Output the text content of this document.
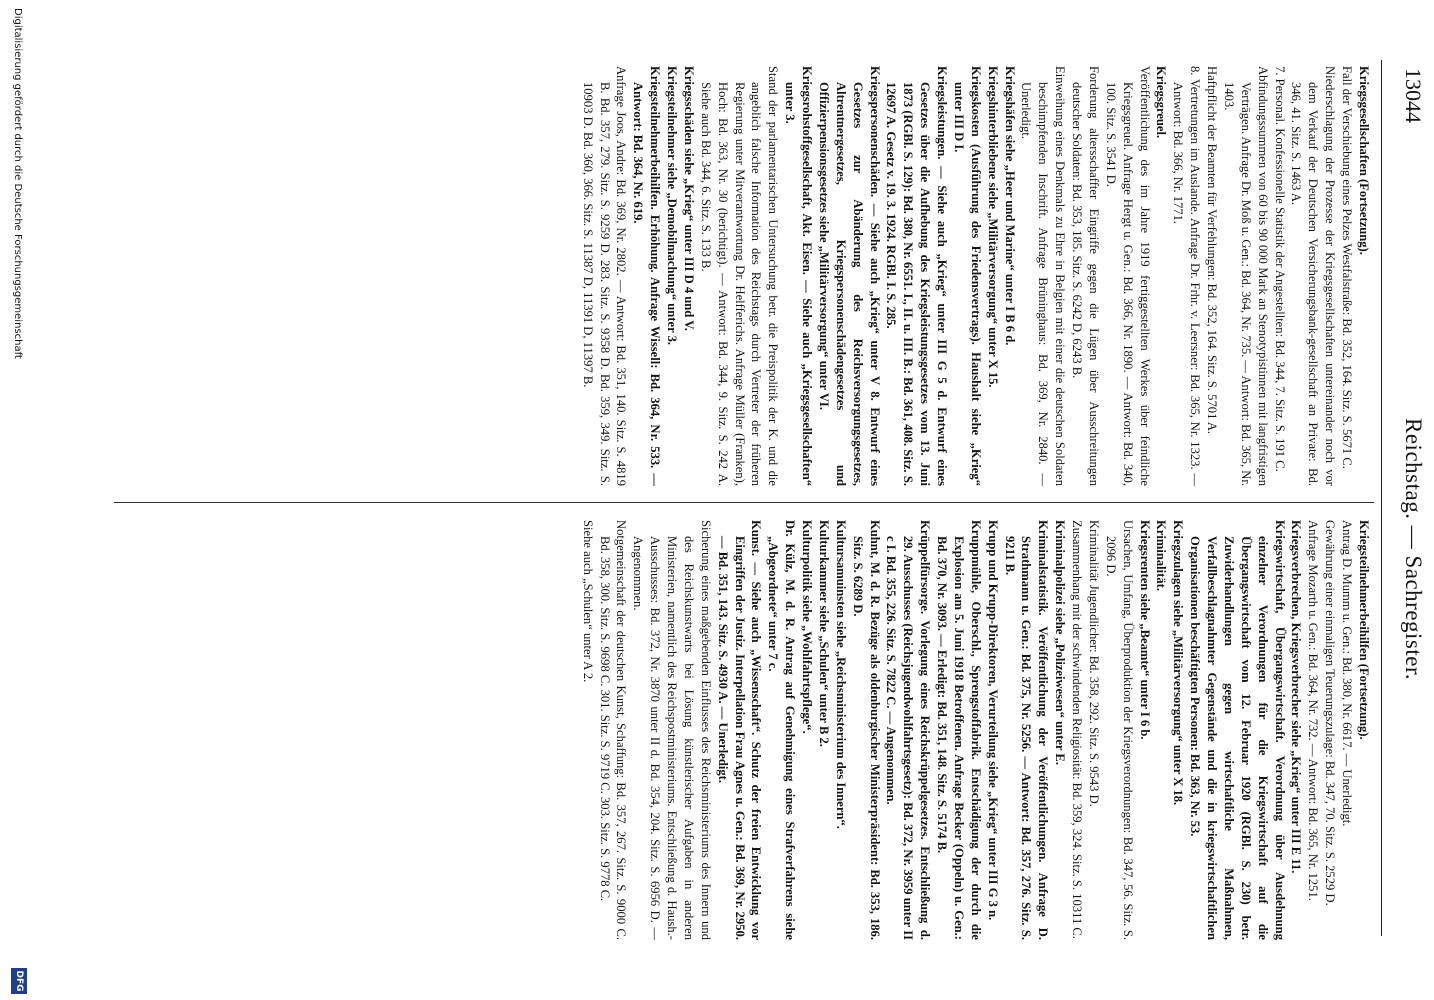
13044
Reichstag. — Sachregister.

Kriegsgesellschaften (Fortsetzung).

Fall der Verschiebung eines Pelzes Westfalstraße: Bd. 352, 164. Sitz. S. 5671 C.

Niederschlagung der Prozesse der Kriegsgesellschaften untereinander noch vor dem Verkauf der Deutschen Versicherungsbank-gesellschaft an Private: Bd. 346, 41. Sitz. S. 1463 A.

7. Personal. Konfessionelle Statistik der Angestellten: Bd. 344, 7. Sitz. S. 191 C.

Abfindungssummen von 60 bis 90 000 Mark an Stenotypistinnen mit langfristigen Verträgen. Anfrage Dr. Moß u. Gen.: Bd. 364, Nr. 735. — Antwort: Bd. 365, Nr. 1403.

Haftpflicht der Beamten für Verfehlungen: Bd. 352, 164. Sitz. S. 5701 A.

8. Vertretungen im Auslande. Anfrage Dr. Frhr. v. Leersner: Bd. 365, Nr. 1323. — Antwort: Bd. 366, Nr. 1771.

Kriegsgreuel.

Veröffentlichung des im Jahre 1919 fertiggestellten Werkes über feindliche Kriegsgreuel. Anfrage Hergt u. Gen.: Bd. 366, Nr. 1890. — Antwort: Bd. 340, 100. Sitz. S. 3541 D.

Forderung altersschaffter Eingriffe gegen die Lügen über Ausschreitungen deutscher Soldaten: Bd. 353, 185. Sitz. S. 6242 D, 6243 B.

Einweihung eines Denkmals zu Ehre in Belgien mit einer die deutschen Soldaten beschimpfenden Inschrift. Anfrage Brüninghaus: Bd. 369, Nr. 2840. — Unerledigt.

Kriegshäfen siehe „Heer und Marine“ unter I B 6 d.

Kriegshinterbliebene siehe „Militärversorgung“ unter X 15.

Kriegskosten (Ausführung des Friedensvertrags). Haushalt siehe „Krieg“ unter III D I.

Kriegsleistungen. — Siehe auch „Krieg“ unter III G 5 d. Entwurf eines Gesetzes über die Aufhebung des Kriegsleistungsgesetzes vom 13. Juni 1873 (RGBl. S. 129): Bd. 380, Nr. 6551. I., II. u. III. B.: Bd. 361, 408. Sitz. S. 12697 A. Gesetz v. 19. 3. 1924. RGBl. I. S. 285.

Kriegspersonenschäden. — Siehe auch „Krieg“ unter V 8. Entwurf eines Gesetzes zur Abänderung des Reichsversorgungsgesetzes, Altrentnergesetzes, Kriegspersonenschädengesetzes und Offizierpensionsgesetzes siehe „Militärversorgung“ unter VI.

Kriegsrohstoffgesellschaft, Akt. Eisen. — Siehe auch „Kriegsgesellschaften“ unter 3.

Stand der parlamentarischen Untersuchung betr. die Preispolitik der K. und die angeblich falsche Information des Reichstags durch Vertreter der früheren Regierung unter Mitverantwortung Dr. Helfferichs. Anfrage Müller (Franken), Hoch: Bd. 363, Nr. 30 (berichtigt). — Antwort: Bd. 344, 9. Sitz. S. 242 A. Siehe auch Bd. 344, 6. Sitz. S. 133 B.

Kriegsschäden siehe „Krieg“ unter III D 4 und V.

Kriegsteilnehmer siehe „Demobilmachung“ unter 3.

Kriegsteilnehmerbeihilfen. Erhöhung. Anfrage Wissell: Bd. 364, Nr. 533. — Antwort: Bd. 364, Nr. 619.

Anfrage Joos, Andre: Bd. 369, Nr. 2802. — Antwort: Bd. 351, 140. Sitz. S. 4819 B. Bd. 357, 279. Sitz. S. 9259 D. 283. Sitz. S. 9358 D. Bd. 359, 349. Sitz. S. 10903 D. Bd. 360, 366. Sitz. S. 11387 D, 11391 D, 11397 B.

Kriegsteilnehmerbeihilfen (Fortsetzung).

Antrag D. Mumm u. Gen.: Bd. 380, Nr. 6617. — Unerledigt.

Gewährung einer einmaligen Teuerungszulage: Bd. 347, 70. Sitz. S. 2529 D.

Anfrage Mozarth u. Gen.: Bd. 364, Nr. 732. — Antwort: Bd. 365, Nr. 1251.

Kriegsverbrechen, Kriegsverbrecher siehe „Krieg“ unter III E 11.

Kriegswirtschaft, Übergangswirtschaft. Verordnung über Ausdehnung einzelner Verordnungen für die Kriegswirtschaft auf die Übergangswirtschaft vom 12. Februar 1920 (RGBl. S. 230) betr. Zuwiderhandlungen gegen wirtschaftliche Maßnahmen, Verfallbeschlagnahmter Gegenstände und die in kriegswirtschaftlichen Organisationen beschäftigten Personen: Bd. 363, Nr. 53.

Kriegszulagen siehe „Militärversorgung“ unter X 18.

Kriminalität.

Kriegsrenten siehe „Beamte“ unter I 6 b.

Ursachen, Umfang, Überproduktion der Kriegsverordnungen: Bd. 347, 56. Sitz. S. 2096 D.

Kriminalität Jugendlicher: Bd. 358, 292. Sitz. S. 9543 D.

Zusammenhang mit der schwindenden Religiosität: Bd. 359, 324. Sitz. S. 10311 C.

Kriminalpolizei siehe „Polizeiwesen“ unter E.

Kriminalstatistik. Veröffentlichung der Veröffentlichungen. Anfrage D. Strathmann u. Gen.: Bd. 375, Nr. 5256. — Antwort: Bd. 357, 276. Sitz. S. 9211 B.

Krupp und Krupp-Direktoren, Verurteilung siehe „Krieg“ unter III G 3 n.

Kruppmühle, Oberschl., Sprengstoffabrik. Entschädigung der durch die Explosion am 5. Juni 1918 Betroffenen. Anfrage Becker (Oppeln) u. Gen.: Bd. 370, Nr. 3093. — Erledigt: Bd. 351, 148. Sitz. S. 5174 B.

Krüppelfürsorge. Vorlegung eines Reichskrüppelgesetzes. Entschließung d. 29. Ausschusses (Reichsjugendwohlfahrtsgesetz): Bd. 372, Nr. 3959 unter II c I. Bd. 355, 226. Sitz. S. 7822 C. — Angenommen.

Kuhnt, M. d. R. Bezüge als oldenburgischer Ministerpräsident: Bd. 353, 186. Sitz. S. 6289 D.

Kultursamuinsten siehe „Reichsministerium des Innern“.

Kulturkammer siehe „Schulen“ unter B 2.

Kulturpolitik siehe „Wohlfahrtspflege“.

Dr. Külz, M. d. R. Antrag auf Genehmigung eines Strafverfahrens siehe „Abgeordnete“ unter 7 c.

Kunst. — Siehe auch „Wissenschaft“. Schutz der freien Entwicklung vor Eingriffen der Justiz. Interpellation Frau Agnes u. Gen.: Bd. 369, Nr. 2950. — Bd. 351, 143. Sitz. S. 4930 A. — Unerledigt.

Sicherung eines maßgebenden Einflusses des Reichsministeriums des Innern und des Reichskunstwarts bei Lösung künstlerischer Aufgaben in anderen Ministerien, namentlich des Reichspostministeriums. Entschließung d. Haush.-Ausschusses: Bd. 372, Nr. 3870 unter II d. Bd. 354, 204. Sitz. S. 6956 D. — Angenommen.

Notgemeinschaft der deutschen Kunst, Schaffung: Bd. 357, 267. Sitz. S. 9000 C. Bd. 358, 300. Sitz. S. 9698 C. 301. Sitz. S. 9719 C. 303. Sitz. S. 9778 C.

Siehe auch „Schulen“ unter A 2.

Digitalisierung gefördert durch die Deutsche Forschungsgemeinschaft
DFG
